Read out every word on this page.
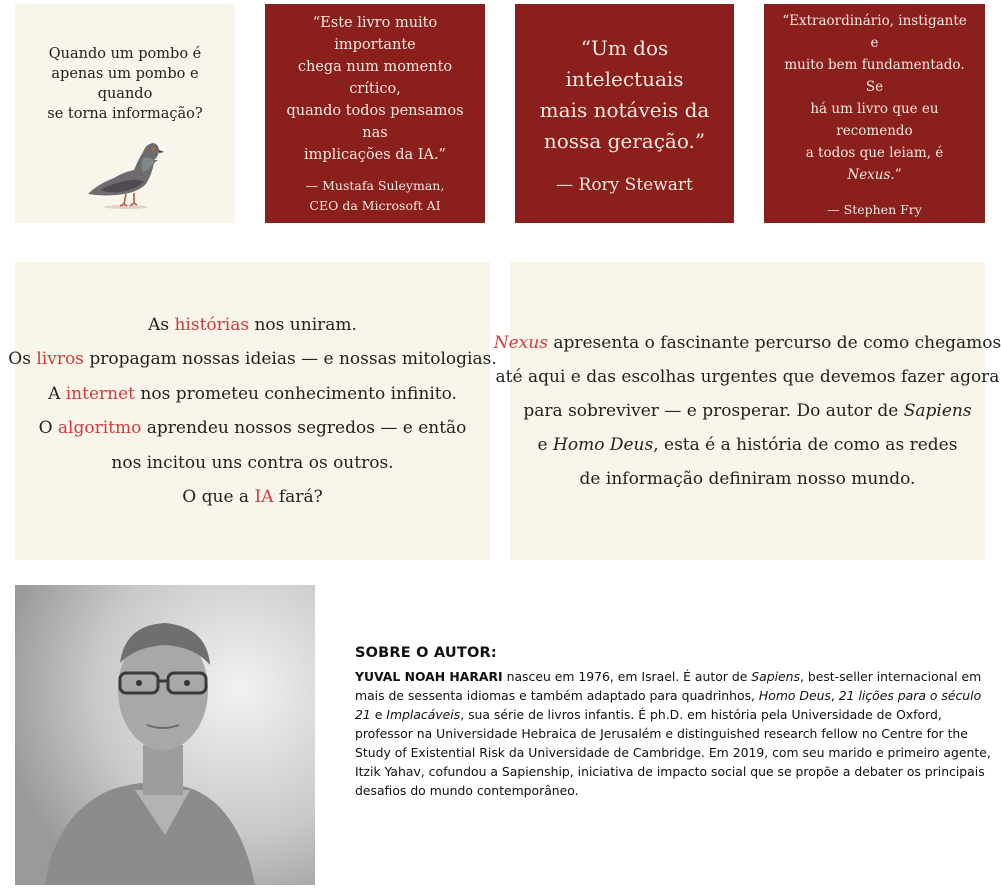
Quando um pombo é
apenas um pombo e quando
se torna informação?
“Este livro muito importante
chega num momento crítico,
quando todos pensamos nas
implicações da IA.”
— Mustafa Suleyman,
CEO da Microsoft AI
“Um dos intelectuais
mais notáveis da
nossa geração.”
— Rory Stewart
“Extraordinário, instigante e
muito bem fundamentado. Se
há um livro que eu recomendo
a todos que leiam, é Nexus.”
— Stephen Fry
As histórias nos uniram.
Os livros propagam nossas ideias — e nossas mitologias.
A internet nos prometeu conhecimento infinito.
O algoritmo aprendeu nossos segredos — e então
nos incitou uns contra os outros.
O que a IA fará?
Nexus apresenta o fascinante percurso de como chegamos
até aqui e das escolhas urgentes que devemos fazer agora
para sobreviver — e prosperar. Do autor de Sapiens
e Homo Deus, esta é a história de como as redes
de informação definiram nosso mundo.
SOBRE O AUTOR:
YUVAL NOAH HARARI nasceu em 1976, em Israel. É autor de Sapiens, best-seller internacional em mais de sessenta idiomas e também adaptado para quadrinhos, Homo Deus, 21 lições para o século 21 e Implacáveis, sua série de livros infantis. É ph.D. em história pela Universidade de Oxford, professor na Universidade Hebraica de Jerusalém e distinguished research fellow no Centre for the Study of Existential Risk da Universidade de Cambridge. Em 2019, com seu marido e primeiro agente, Itzik Yahav, cofundou a Sapienship, iniciativa de impacto social que se propõe a debater os principais desafios do mundo contemporâneo.
